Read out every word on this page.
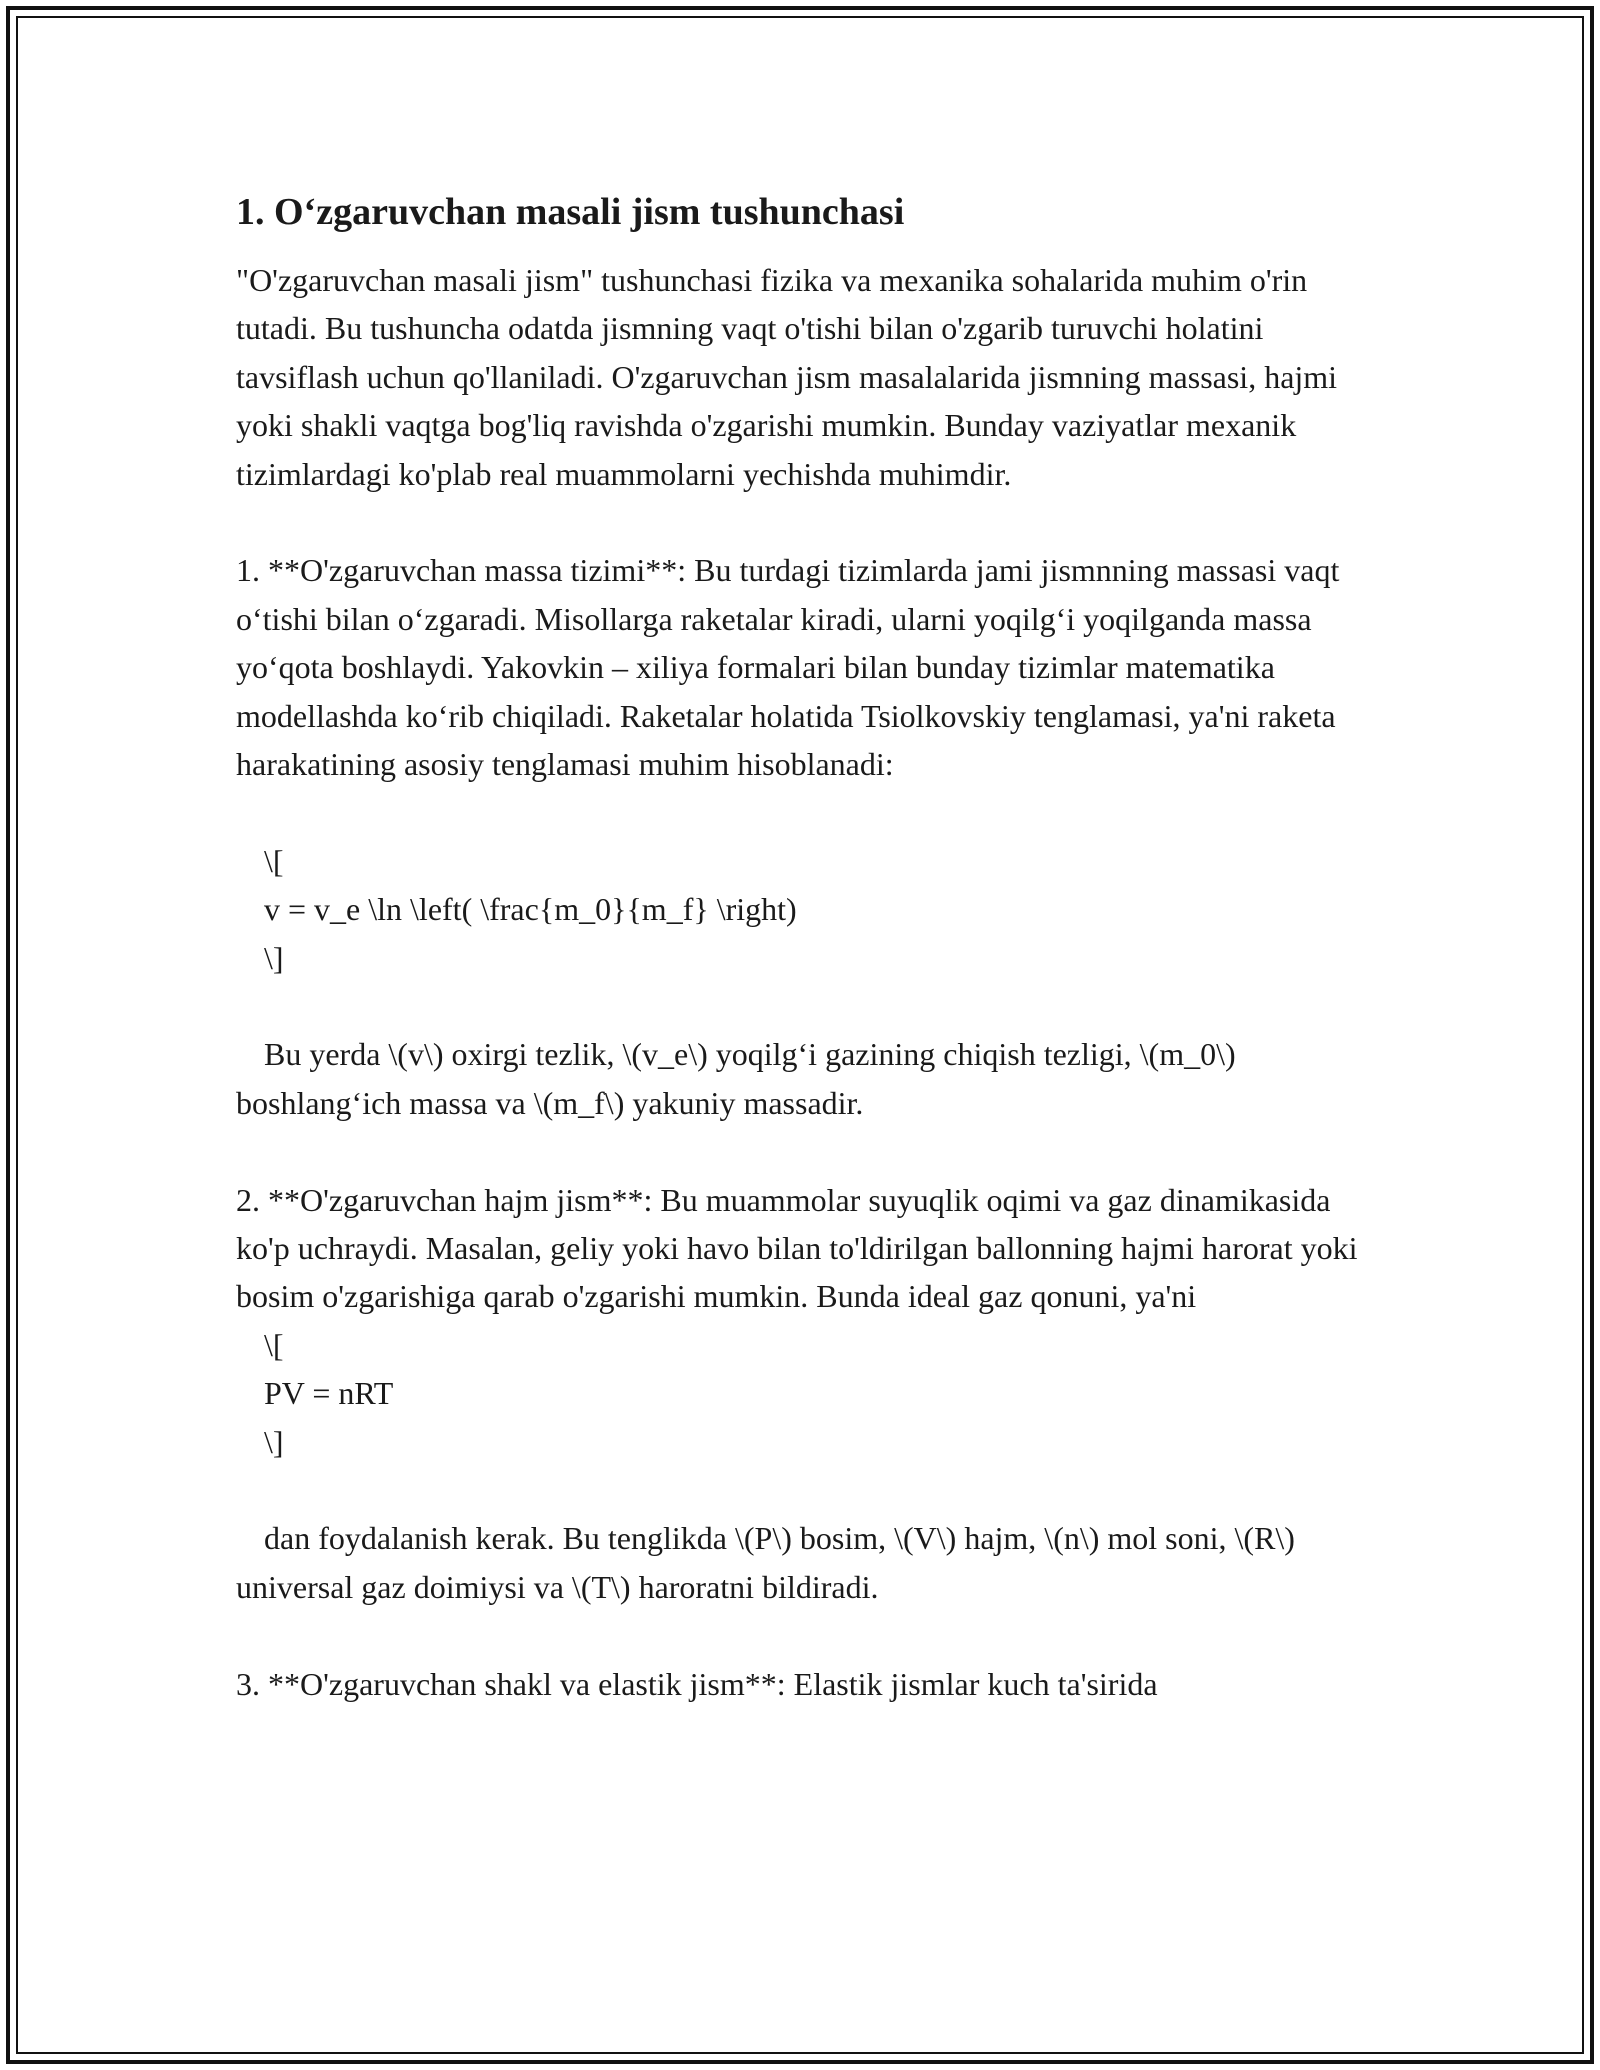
1. O‘zgaruvchan masali jism tushunchasi

"O'zgaruvchan masali jism" tushunchasi fizika va mexanika sohalarida muhim o'rin tutadi. Bu tushuncha odatda jismning vaqt o'tishi bilan o'zgarib turuvchi holatini tavsiflash uchun qo'llaniladi. O'zgaruvchan jism masalalarida jismning massasi, hajmi yoki shakli vaqtga bog'liq ravishda o'zgarishi mumkin. Bunday vaziyatlar mexanik tizimlardagi ko'plab real muammolarni yechishda muhimdir.

1. **O'zgaruvchan massa tizimi**: Bu turdagi tizimlarda jami jismnning massasi vaqt o‘tishi bilan o‘zgaradi. Misollarga raketalar kiradi, ularni yoqilg‘i yoqilganda massa yo‘qota boshlaydi. Yakovkin – xiliya formalari bilan bunday tizimlar matematika modellashda ko‘rib chiqiladi. Raketalar holatida Tsiolkovskiy tenglamasi, ya'ni raketa harakatining asosiy tenglamasi muhim hisoblanadi:

\[

v = v_e \ln \left( \frac{m_0}{m_f} \right)

\]

Bu yerda \(v\) oxirgi tezlik, \(v_e\) yoqilg‘i gazining chiqish tezligi, \(m_0\) boshlang‘ich massa va \(m_f\) yakuniy massadir.

2. **O'zgaruvchan hajm jism**: Bu muammolar suyuqlik oqimi va gaz dinamikasida ko'p uchraydi. Masalan, geliy yoki havo bilan to'ldirilgan ballonning hajmi harorat yoki bosim o'zgarishiga qarab o'zgarishi mumkin. Bunda ideal gaz qonuni, ya'ni

\[

PV = nRT

\]

dan foydalanish kerak. Bu tenglikda \(P\) bosim, \(V\) hajm, \(n\) mol soni, \(R\) universal gaz doimiysi va \(T\) haroratni bildiradi.

3. **O'zgaruvchan shakl va elastik jism**: Elastik jismlar kuch ta'sirida
